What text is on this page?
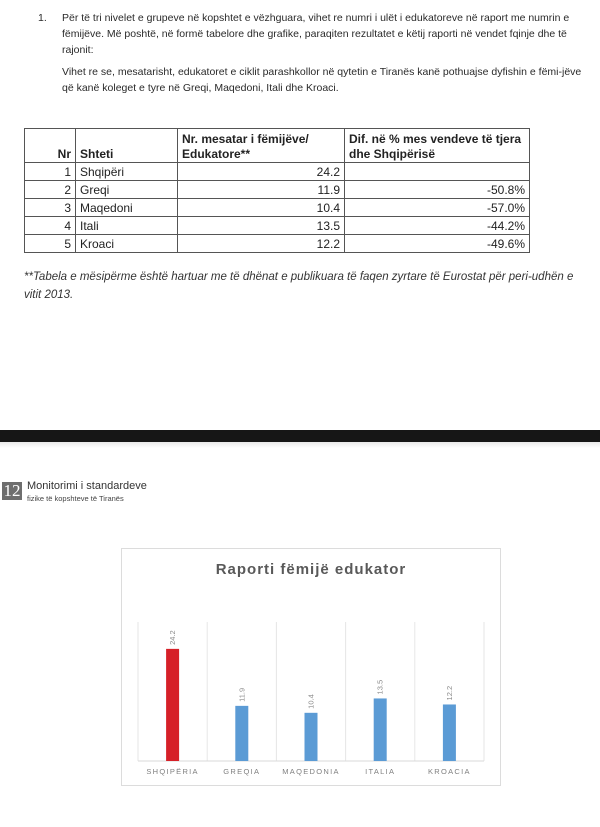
1. Për të tri nivelet e grupeve në kopshtet e vëzhguara, vihet re numri i ulët i edukatoreve në raport me numrin e fëmijëve. Më poshtë, në formë tabelore dhe grafike, paraqiten rezultatet e këtij raporti në vendet fqinje dhe të rajonit:
Vihet re se, mesatarisht, edukatoret e ciklit parashkollor në qytetin e Tiranës kanë pothuajse dyfishin e fëmi-jëve që kanë koleget e tyre në Greqi, Maqedoni, Itali dhe Kroaci.
Nr	Shteti	Nr. mesatar i fëmijëve/ Edukatore**	Dif. në % mes vendeve të tjera dhe Shqipërisë
1	Shqipëri	24.2	
2	Greqi	11.9	-50.8%
3	Maqedoni	10.4	-57.0%
4	Itali	13.5	-44.2%
5	Kroaci	12.2	-49.6%
**Tabela e mësipërme është hartuar me të dhënat e publikuara të faqen zyrtare të Eurostat për peri-udhën e vitit 2013.
12 Monitorimi i standardeve
fizike të kopshteve të Tiranës
Raporti fëmijë edukator
24.2
SHQIPËRIA
11.9
GREQIA
10.4
MAQEDONIA
13.5
ITALIA
12.2
KROACIA
